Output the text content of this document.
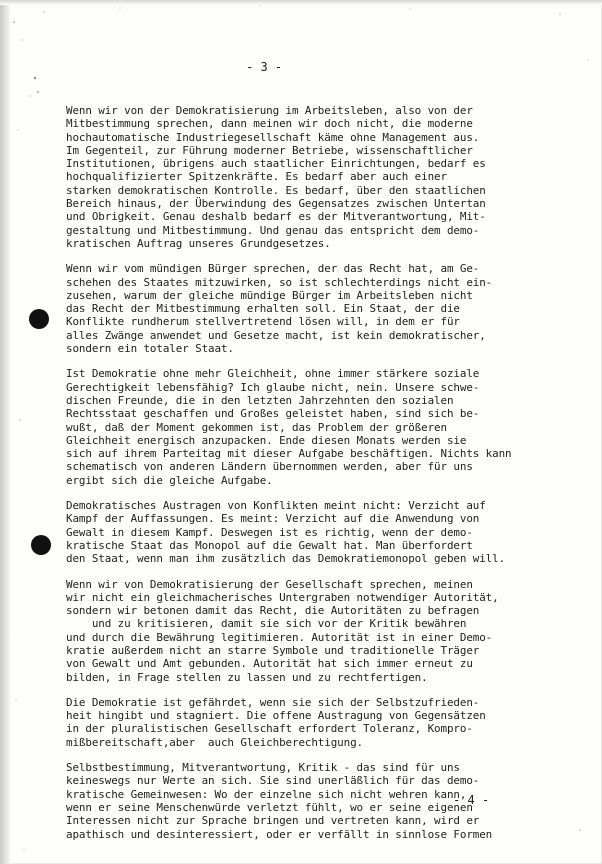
- 3 -
Wenn wir von der Demokratisierung im Arbeitsleben, also von der
Mitbestimmung sprechen, dann meinen wir doch nicht, die moderne
hochautomatische Industriegesellschaft käme ohne Management aus.
Im Gegenteil, zur Führung moderner Betriebe, wissenschaftlicher
Institutionen, übrigens auch staatlicher Einrichtungen, bedarf es
hochqualifizierter Spitzenkräfte. Es bedarf aber auch einer
starken demokratischen Kontrolle. Es bedarf, über den staatlichen
Bereich hinaus, der Überwindung des Gegensatzes zwischen Untertan
und Obrigkeit. Genau deshalb bedarf es der Mitverantwortung, Mit-
gestaltung und Mitbestimmung. Und genau das entspricht dem demo-
kratischen Auftrag unseres Grundgesetzes.
Wenn wir vom mündigen Bürger sprechen, der das Recht hat, am Ge-
schehen des Staates mitzuwirken, so ist schlechterdings nicht ein-
zusehen, warum der gleiche mündige Bürger im Arbeitsleben nicht
das Recht der Mitbestimmung erhalten soll. Ein Staat, der die
Konflikte rundherum stellvertretend lösen will, in dem er für
alles Zwänge anwendet und Gesetze macht, ist kein demokratischer,
sondern ein totaler Staat.
Ist Demokratie ohne mehr Gleichheit, ohne immer stärkere soziale
Gerechtigkeit lebensfähig? Ich glaube nicht, nein. Unsere schwe-
dischen Freunde, die in den letzten Jahrzehnten den sozialen
Rechtsstaat geschaffen und Großes geleistet haben, sind sich be-
wußt, daß der Moment gekommen ist, das Problem der größeren
Gleichheit energisch anzupacken. Ende diesen Monats werden sie
sich auf ihrem Parteitag mit dieser Aufgabe beschäftigen. Nichts kann
schematisch von anderen Ländern übernommen werden, aber für uns
ergibt sich die gleiche Aufgabe.
Demokratisches Austragen von Konflikten meint nicht: Verzicht auf
Kampf der Auffassungen. Es meint: Verzicht auf die Anwendung von
Gewalt in diesem Kampf. Deswegen ist es richtig, wenn der demo-
kratische Staat das Monopol auf die Gewalt hat. Man überfordert
den Staat, wenn man ihm zusätzlich das Demokratiemonopol geben will.
Wenn wir von Demokratisierung der Gesellschaft sprechen, meinen
wir nicht ein gleichmacherisches Untergraben notwendiger Autorität,
sondern wir betonen damit das Recht, die Autoritäten zu befragen
und zu kritisieren, damit sie sich vor der Kritik bewähren
und durch die Bewährung legitimieren. Autorität ist in einer Demo-
kratie außerdem nicht an starre Symbole und traditionelle Träger
von Gewalt und Amt gebunden. Autorität hat sich immer erneut zu
bilden, in Frage stellen zu lassen und zu rechtfertigen.
Die Demokratie ist gefährdet, wenn sie sich der Selbstzufrieden-
heit hingibt und stagniert. Die offene Austragung von Gegensätzen
in der pluralistischen Gesellschaft erfordert Toleranz, Kompro-
mißbereitschaft,aber  auch Gleichberechtigung.
Selbstbestimmung, Mitverantwortung, Kritik - das sind für uns
keineswegs nur Werte an sich. Sie sind unerläßlich für das demo-
kratische Gemeinwesen: Wo der einzelne sich nicht wehren kann,
wenn er seine Menschenwürde verletzt fühlt, wo er seine eigenen
Interessen nicht zur Sprache bringen und vertreten kann, wird er
apathisch und desinteressiert, oder er verfällt in sinnlose Formen
- 4 -
